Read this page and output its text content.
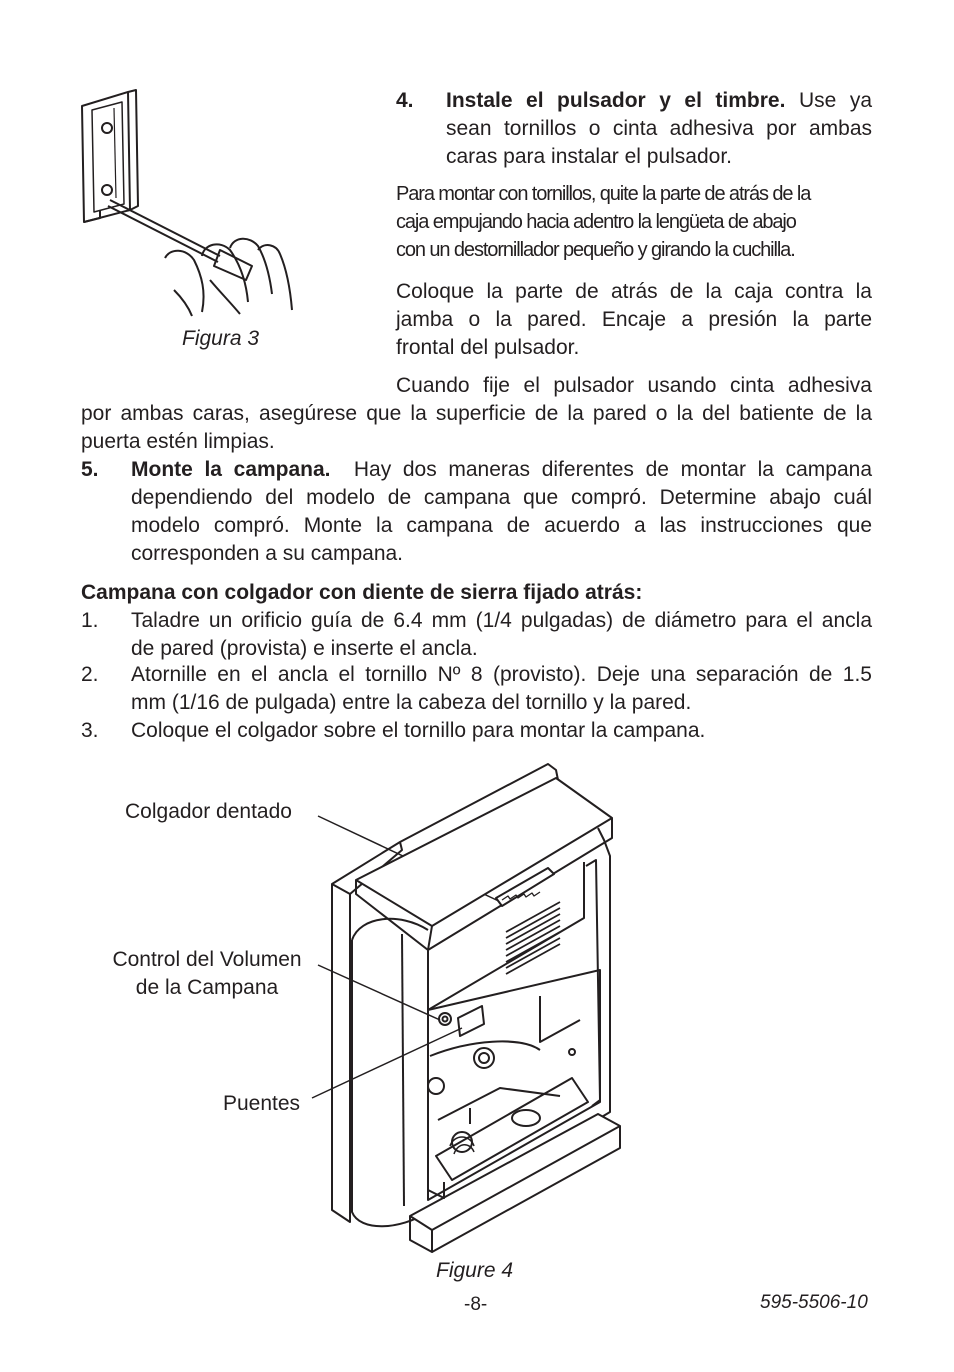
Figura 3
4. Instale el pulsador y el timbre. Use ya
sean tornillos o cinta adhesiva por ambas
caras para instalar el pulsador.
Para montar con tornillos, quite la parte de atrás de la
caja empujando hacia adentro la lengüeta de abajo
con un destornillador pequeño y girando la cuchilla.
Coloque la parte de atrás de la caja contra la
jamba o la pared. Encaje a presión la parte
frontal del pulsador.
Cuando fije el pulsador usando cinta adhesiva
por ambas caras, asegúrese que la superficie de la pared o la del batiente de la
puerta estén limpias.
5. Monte la campana. Hay dos maneras diferentes de montar la campana
dependiendo del modelo de campana que compró. Determine abajo cuál
modelo compró. Monte la campana de acuerdo a las instrucciones que
corresponden a su campana.
Campana con colgador con diente de sierra fijado atrás:
1. Taladre un orificio guía de 6.4 mm (1/4 pulgadas) de diámetro para el ancla
de pared (provista) e inserte el ancla.
2. Atornille en el ancla el tornillo Nº 8 (provisto). Deje una separación de 1.5
mm (1/16 de pulgada) entre la cabeza del tornillo y la pared.
3. Coloque el colgador sobre el tornillo para montar la campana.
Colgador dentado
Control del Volumen
de la Campana
Puentes
Figure 4
-8-	595-5506-10
